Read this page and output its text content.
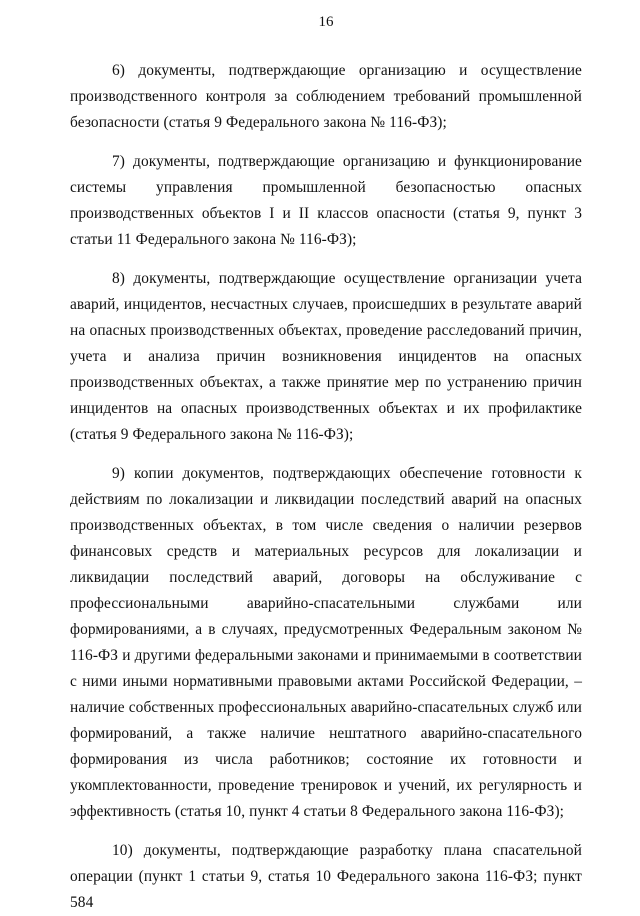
16

6) документы, подтверждающие организацию и осуществление производственного контроля за соблюдением требований промышленной безопасности (статья 9 Федерального закона № 116-ФЗ);

7) документы, подтверждающие организацию и функционирование системы управления промышленной безопасностью опасных производственных объектов I и II классов опасности (статья 9, пункт 3 статьи 11 Федерального закона № 116-ФЗ);

8) документы, подтверждающие осуществление организации учета аварий, инцидентов, несчастных случаев, происшедших в результате аварий на опасных производственных объектах, проведение расследований причин, учета и анализа причин возникновения инцидентов на опасных производственных объектах, а также принятие мер по устранению причин инцидентов на опасных производственных объектах и их профилактике (статья 9 Федерального закона № 116-ФЗ);

9) копии документов, подтверждающих обеспечение готовности к действиям по локализации и ликвидации последствий аварий на опасных производственных объектах, в том числе сведения о наличии резервов финансовых средств и материальных ресурсов для локализации и ликвидации последствий аварий, договоры на обслуживание с профессиональными аварийно-спасательными службами или формированиями, а в случаях, предусмотренных Федеральным законом № 116-ФЗ и другими федеральными законами и принимаемыми в соответствии с ними иными нормативными правовыми актами Российской Федерации, – наличие собственных профессиональных аварийно-спасательных служб или формирований, а также наличие нештатного аварийно-спасательного формирования из числа работников; состояние их готовности и укомплектованности, проведение тренировок и учений, их регулярность и эффективность (статья 10, пункт 4 статьи 8 Федерального закона 116-ФЗ);

10) документы, подтверждающие разработку плана спасательной операции (пункт 1 статьи 9, статья 10 Федерального закона 116-ФЗ; пункт 584
